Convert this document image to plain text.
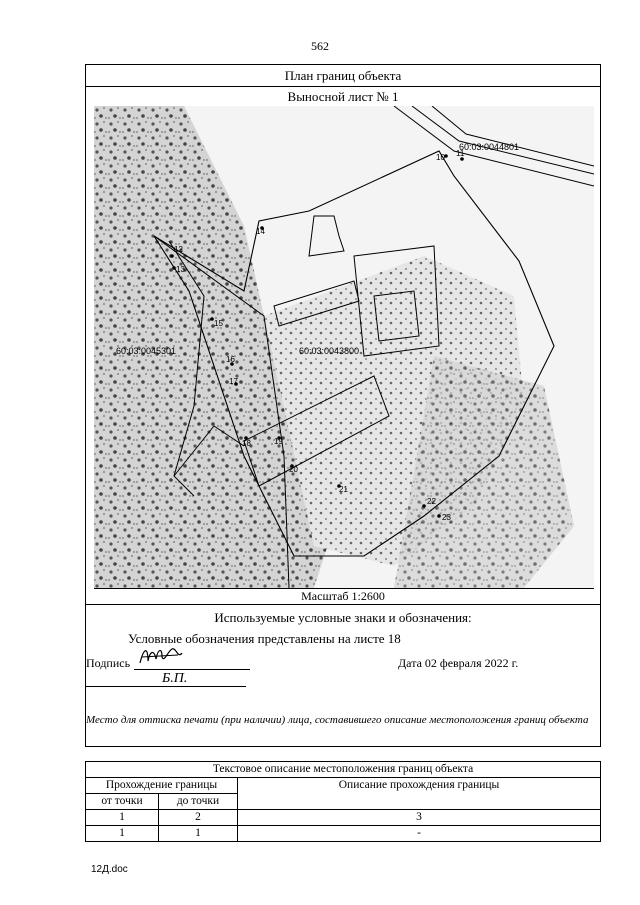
562
План границ объекта
Выносной лист № 1
60:03:0044801
60:03:0043800
60:03:0045301
10 11
12
13
14
15
16
17
18	19
20
21
22
23
Масштаб 1:2600
Используемые условные знаки и обозначения:
Условные обозначения представлены на листе 18
Подпись	Дата 02 февраля 2022 г.
Б.П.
Место для оттиска печати (при наличии) лица, составившего описание местоположения границ объекта
Текстовое описание местоположения границ объекта		
Прохождение границы		Описание прохождения границы
от точки	до точки	
1	2	3
1	1	-
12Д.doc
